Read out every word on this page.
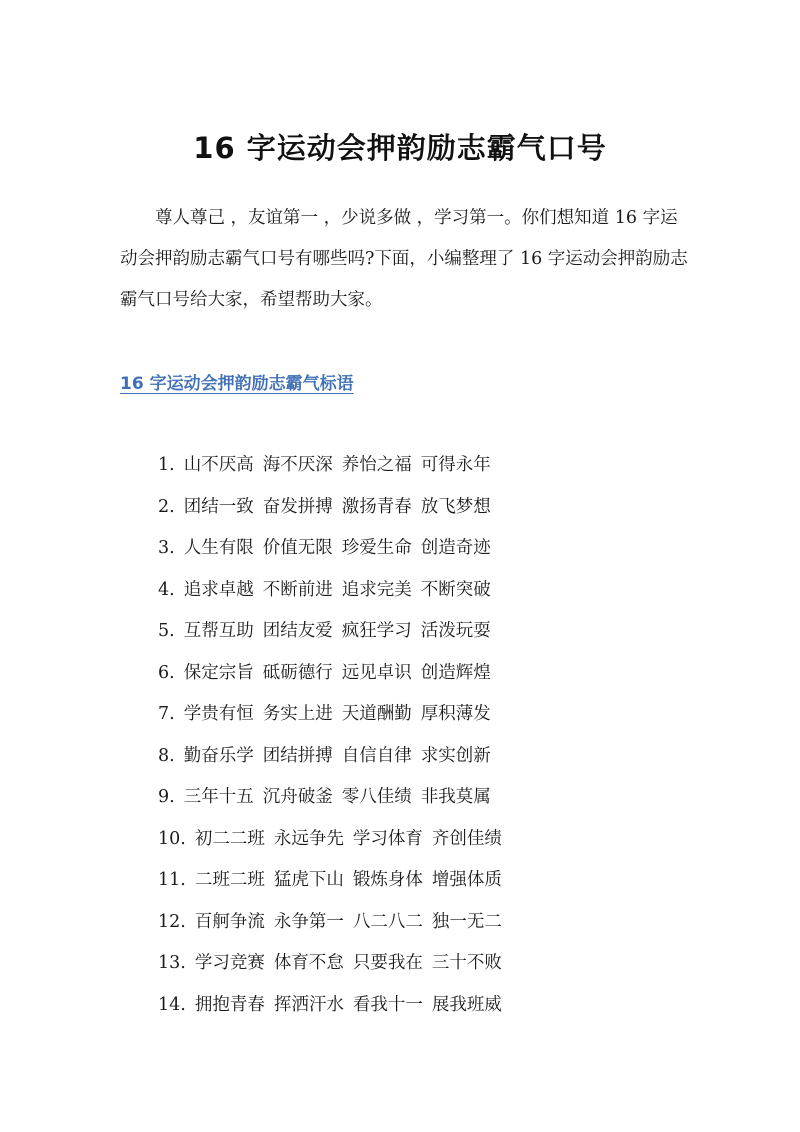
16 字运动会押韵励志霸气口号

尊人尊己 ，友谊第一 ，少说多做 ，学习第一。你们想知道 16 字运动会押韵励志霸气口号有哪些吗?下面，小编整理了 16 字运动会押韵励志霸气口号给大家，希望帮助大家。

16 字运动会押韵励志霸气标语
1. 山不厌高 海不厌深 养怡之福 可得永年
2. 团结一致 奋发拼搏 激扬青春 放飞梦想
3. 人生有限 价值无限 珍爱生命 创造奇迹
4. 追求卓越 不断前进 追求完美 不断突破
5. 互帮互助 团结友爱 疯狂学习 活泼玩耍
6. 保定宗旨 砥砺德行 远见卓识 创造辉煌
7. 学贵有恒 务实上进 天道酬勤 厚积薄发
8. 勤奋乐学 团结拼搏 自信自律 求实创新
9. 三年十五 沉舟破釜 零八佳绩 非我莫属
10. 初二二班 永远争先 学习体育 齐创佳绩
11. 二班二班 猛虎下山 锻炼身体 增强体质
12. 百舸争流 永争第一 八二八二 独一无二
13. 学习竞赛 体育不怠 只要我在 三十不败
14. 拥抱青春 挥洒汗水 看我十一 展我班威
